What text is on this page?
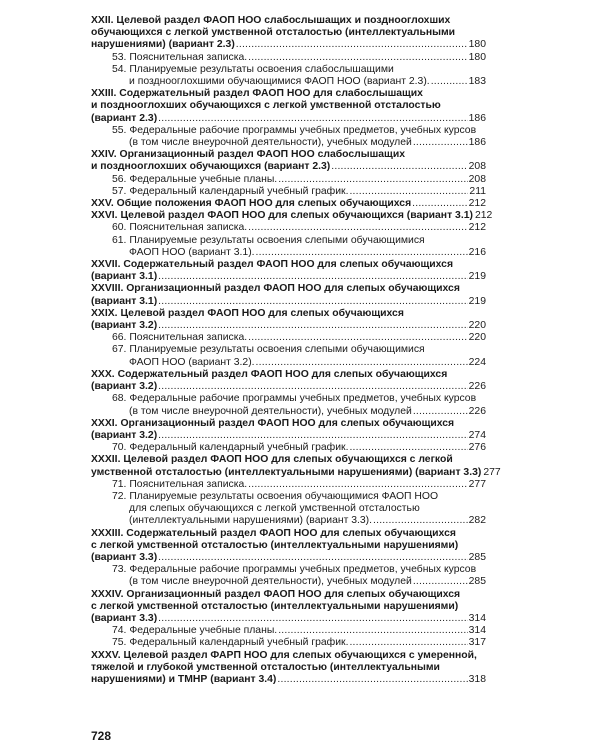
XXII. Целевой раздел ФАОП НОО слабослышащих и позднооглохших
обучающихся с легкой умственной отсталостью (интеллектуальными
нарушениями) (вариант 2.3) .....	180
53. Пояснительная записка. .....	180
54. Планируемые результаты освоения слабослышащими
и позднооглохшими обучающимися ФАОП НОО (вариант 2.3). .....	183
XXIII. Содержательный раздел ФАОП НОО для слабослышащих
и позднооглохших обучающихся с легкой умственной отсталостью
(вариант 2.3) .....	186
55. Федеральные рабочие программы учебных предметов, учебных курсов
(в том числе внеурочной деятельности), учебных модулей .....	186
XXIV. Организационный раздел ФАОП НОО слабослышащих
и позднооглохших обучающихся (вариант 2.3) .....	208
56. Федеральные учебные планы. .....	208
57. Федеральный календарный учебный график. .....	211
XXV. Общие положения ФАОП НОО для слепых обучающихся .....	212
XXVI. Целевой раздел ФАОП НОО для слепых обучающихся (вариант 3.1) 212
60. Пояснительная записка. .....	212
61. Планируемые результаты освоения слепыми обучающимися
ФАОП НОО (вариант 3.1). .....	216
XXVII. Содержательный раздел ФАОП НОО для слепых обучающихся
(вариант 3.1) .....	219
XXVIII. Организационный раздел ФАОП НОО для слепых обучающихся
(вариант 3.1) .....	219
XXIX. Целевой раздел ФАОП НОО для слепых обучающихся
(вариант 3.2) .....	220
66. Пояснительная записка. .....	220
67. Планируемые результаты освоения слепыми обучающимися
ФАОП НОО (вариант 3.2). .....	224
XXX. Содержательный раздел ФАОП НОО для слепых обучающихся
(вариант 3.2) .....	226
68. Федеральные рабочие программы учебных предметов, учебных курсов
(в том числе внеурочной деятельности), учебных модулей .....	226
XXXI. Организационный раздел ФАОП НОО для слепых обучающихся
(вариант 3.2) .....	274
70. Федеральный календарный учебный график. .....	276
XXXII. Целевой раздел ФАОП НОО для слепых обучающихся с легкой
умственной отсталостью (интеллектуальными нарушениями) (вариант 3.3) 277
71. Пояснительная записка. .....	277
72. Планируемые результаты освоения обучающимися ФАОП НОО
для слепых обучающихся с легкой умственной отсталостью
(интеллектуальными нарушениями) (вариант 3.3). .....	282
XXXIII. Содержательный раздел ФАОП НОО для слепых обучающихся
с легкой умственной отсталостью (интеллектуальными нарушениями)
(вариант 3.3) .....	285
73. Федеральные рабочие программы учебных предметов, учебных курсов
(в том числе внеурочной деятельности), учебных модулей .....	285
XXXIV. Организационный раздел ФАОП НОО для слепых обучающихся
с легкой умственной отсталостью (интеллектуальными нарушениями)
(вариант 3.3) .....	314
74. Федеральные учебные планы. .....	314
75. Федеральный календарный учебный график. .....	317
XXXV. Целевой раздел ФАРП НОО для слепых обучающихся с умеренной,
тяжелой и глубокой умственной отсталостью (интеллектуальными
нарушениями) и ТМНР (вариант 3.4) .....	318
728
